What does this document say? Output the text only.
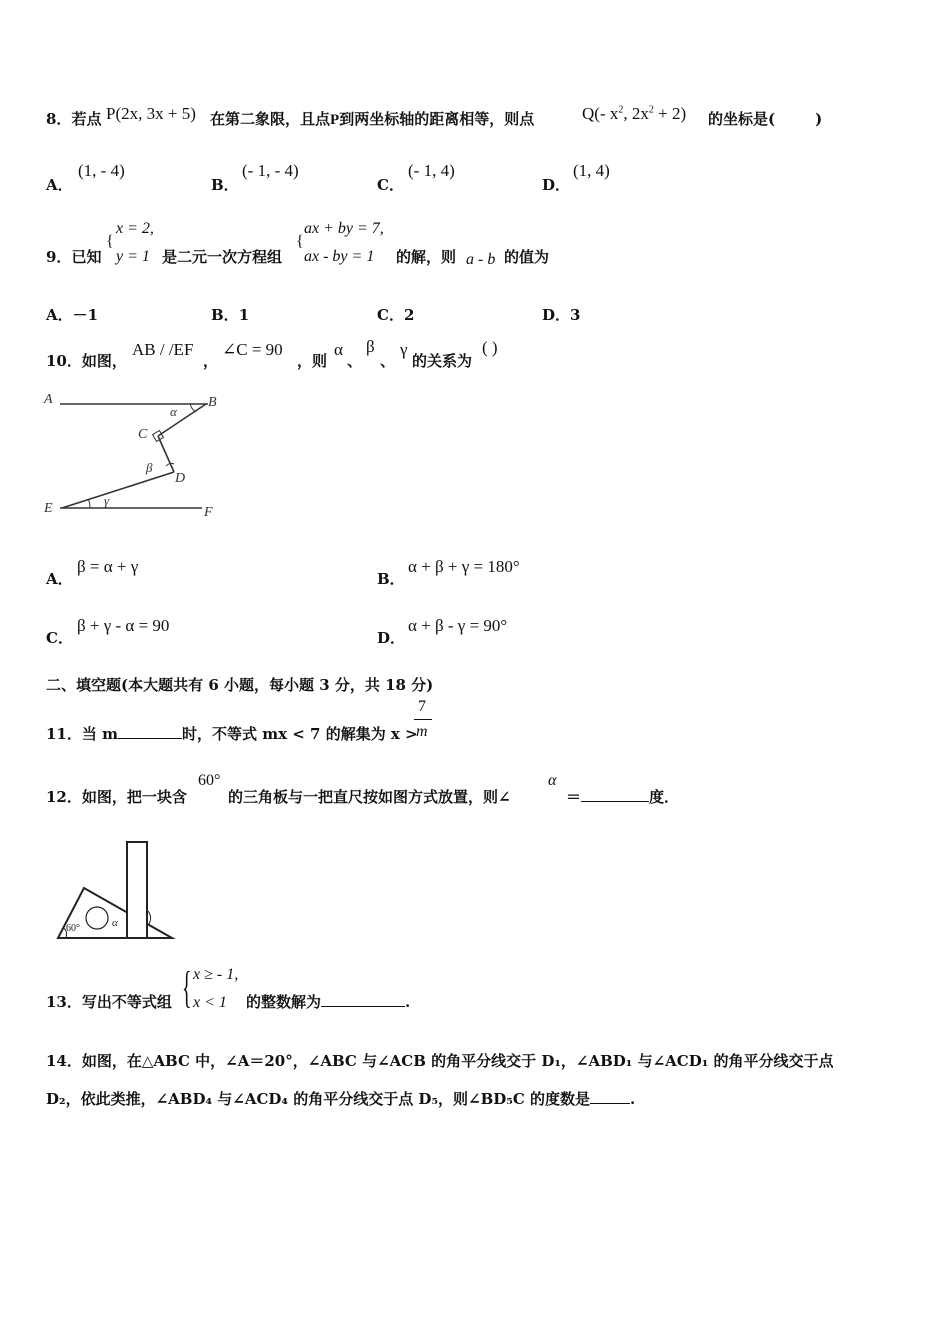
8．若点 P(2x, 3x + 5) 在第二象限，且点P到两坐标轴的距离相等，则点	Q(- $x^2$, $2x^2 + 2$) 的坐标是(	)
A．
(1, - 4)
B．
(- 1, - 4)
C．
(- 1, 4)
D．
(1, 4)
9．已知
{
x = 2,
y = 1 是二元一次方程组
{
ax + by = 7,
ax - by = 1 的解，则 a - b 的值为
A．－1	B．1	C．2	D．3
10．如图，
AB / /EF
，
∠C = 90
，则
α
、
β
、
γ
的关系为
( )
A	B
C
D
E	F
α
β
γ
A．
β = α + γ
B．
α + β + γ = 180°
C．
β + γ - α = 90
D．
α + β - γ = 90°
二、填空题(本大题共有 6 小题，每小题 3 分，共 18 分)
11．当 m	时，不等式 mx < 7 的解集为 x >
7
m
12．如图，把一块含
60°
的三角板与一把直尺按如图方式放置，则∠
α
＝	度．
60°	α
13．写出不等式组 { x ≥ - 1,
x < 1 的整数解为	.
14．如图，在△ABC 中，∠A＝20°，∠ABC 与∠ACB 的角平分线交于 D₁，∠ABD₁ 与∠ACD₁ 的角平分线交于点
D₂，依此类推，∠ABD₄ 与∠ACD₄ 的角平分线交于点 D₅，则∠BD₅C 的度数是	.
